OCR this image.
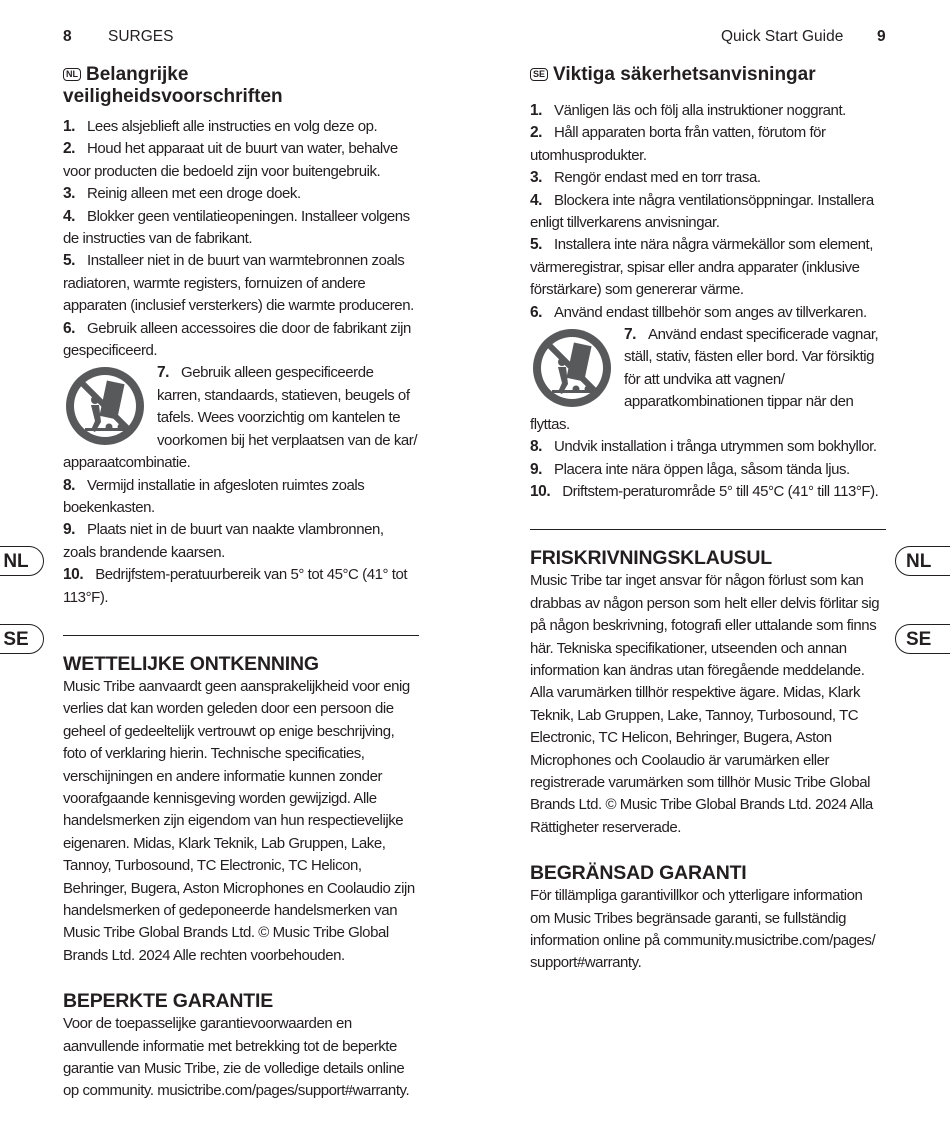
8 SURGES	Quick Start Guide 9
NL
SE
NL
SE
NL Belangrijke
veiligheidsvoorschriften

1. Lees alsjeblieft alle instructies en volg deze op.

2. Houd het apparaat uit de buurt van water, behalve voor producten die bedoeld zijn voor buitengebruik.

3. Reinig alleen met een droge doek.

4. Blokker geen ventilatieopeningen. Installeer volgens de instructies van de fabrikant.

5. Installeer niet in de buurt van warmtebronnen zoals radiatoren, warmte registers, fornuizen of andere apparaten (inclusief versterkers) die warmte produceren.

6. Gebruik alleen accessoires die door de fabrikant zijn gespecificeerd.

7. Gebruik alleen gespecificeerde karren, standaards, statieven, beugels of tafels. Wees voorzichtig om kantelen te voorkomen bij het verplaatsen van de kar/ apparaatcombinatie.

8. Vermijd installatie in afgesloten ruimtes zoals boekenkasten.

9. Plaats niet in de buurt van naakte vlambronnen, zoals brandende kaarsen.

10. Bedrijfstem-peratuurbereik van 5° tot 45°C (41° tot 113°F).

WETTELIJKE ONTKENNING

Music Tribe aanvaardt geen aansprakelijkheid voor enig verlies dat kan worden geleden door een persoon die geheel of gedeeltelijk vertrouwt op enige beschrijving, foto of verklaring hierin. Technische specificaties, verschijningen en andere informatie kunnen zonder voorafgaande kennisgeving worden gewijzigd. Alle handelsmerken zijn eigendom van hun respectievelijke eigenaren. Midas, Klark Teknik, Lab Gruppen, Lake, Tannoy, Turbosound, TC Electronic, TC Helicon, Behringer, Bugera, Aston Microphones en Coolaudio zijn handelsmerken of gedeponeerde handelsmerken van Music Tribe Global Brands Ltd. © Music Tribe Global Brands Ltd. 2024 Alle rechten voorbehouden.

BEPERKTE GARANTIE

Voor de toepasselijke garantievoorwaarden en aanvullende informatie met betrekking tot de beperkte garantie van Music Tribe, zie de volledige details online op community. musictribe.com/pages/support#warranty.

SE Viktiga säkerhetsanvisningar

1. Vänligen läs och följ alla instruktioner noggrant.

2. Håll apparaten borta från vatten, förutom för utomhusprodukter.

3. Rengör endast med en torr trasa.

4. Blockera inte några ventilationsöppningar. Installera enligt tillverkarens anvisningar.

5. Installera inte nära några värmekällor som element, värmeregistrar, spisar eller andra apparater (inklusive förstärkare) som genererar värme.

6. Använd endast tillbehör som anges av tillverkaren.

7. Använd endast specificerade vagnar, ställ, stativ, fästen eller bord. Var försiktig för att undvika att vagnen/ apparatkombinationen tippar när den flyttas.

8. Undvik installation i trånga utrymmen som bokhyllor.

9. Placera inte nära öppen låga, såsom tända ljus.

10. Driftstem-peraturområde 5° till 45°C (41° till 113°F).

FRISKRIVNINGSKLAUSUL

Music Tribe tar inget ansvar för någon förlust som kan drabbas av någon person som helt eller delvis förlitar sig på någon beskrivning, fotografi eller uttalande som finns här. Tekniska specifikationer, utseenden och annan information kan ändras utan föregående meddelande. Alla varumärken tillhör respektive ägare. Midas, Klark Teknik, Lab Gruppen, Lake, Tannoy, Turbosound, TC Electronic, TC Helicon, Behringer, Bugera, Aston Microphones och Coolaudio är varumärken eller registrerade varumärken som tillhör Music Tribe Global Brands Ltd. © Music Tribe Global Brands Ltd. 2024 Alla Rättigheter reserverade.

BEGRÄNSAD GARANTI

För tillämpliga garantivillkor och ytterligare information om Music Tribes begränsade garanti, se fullständig information online på community.musictribe.com/pages/ support#warranty.
